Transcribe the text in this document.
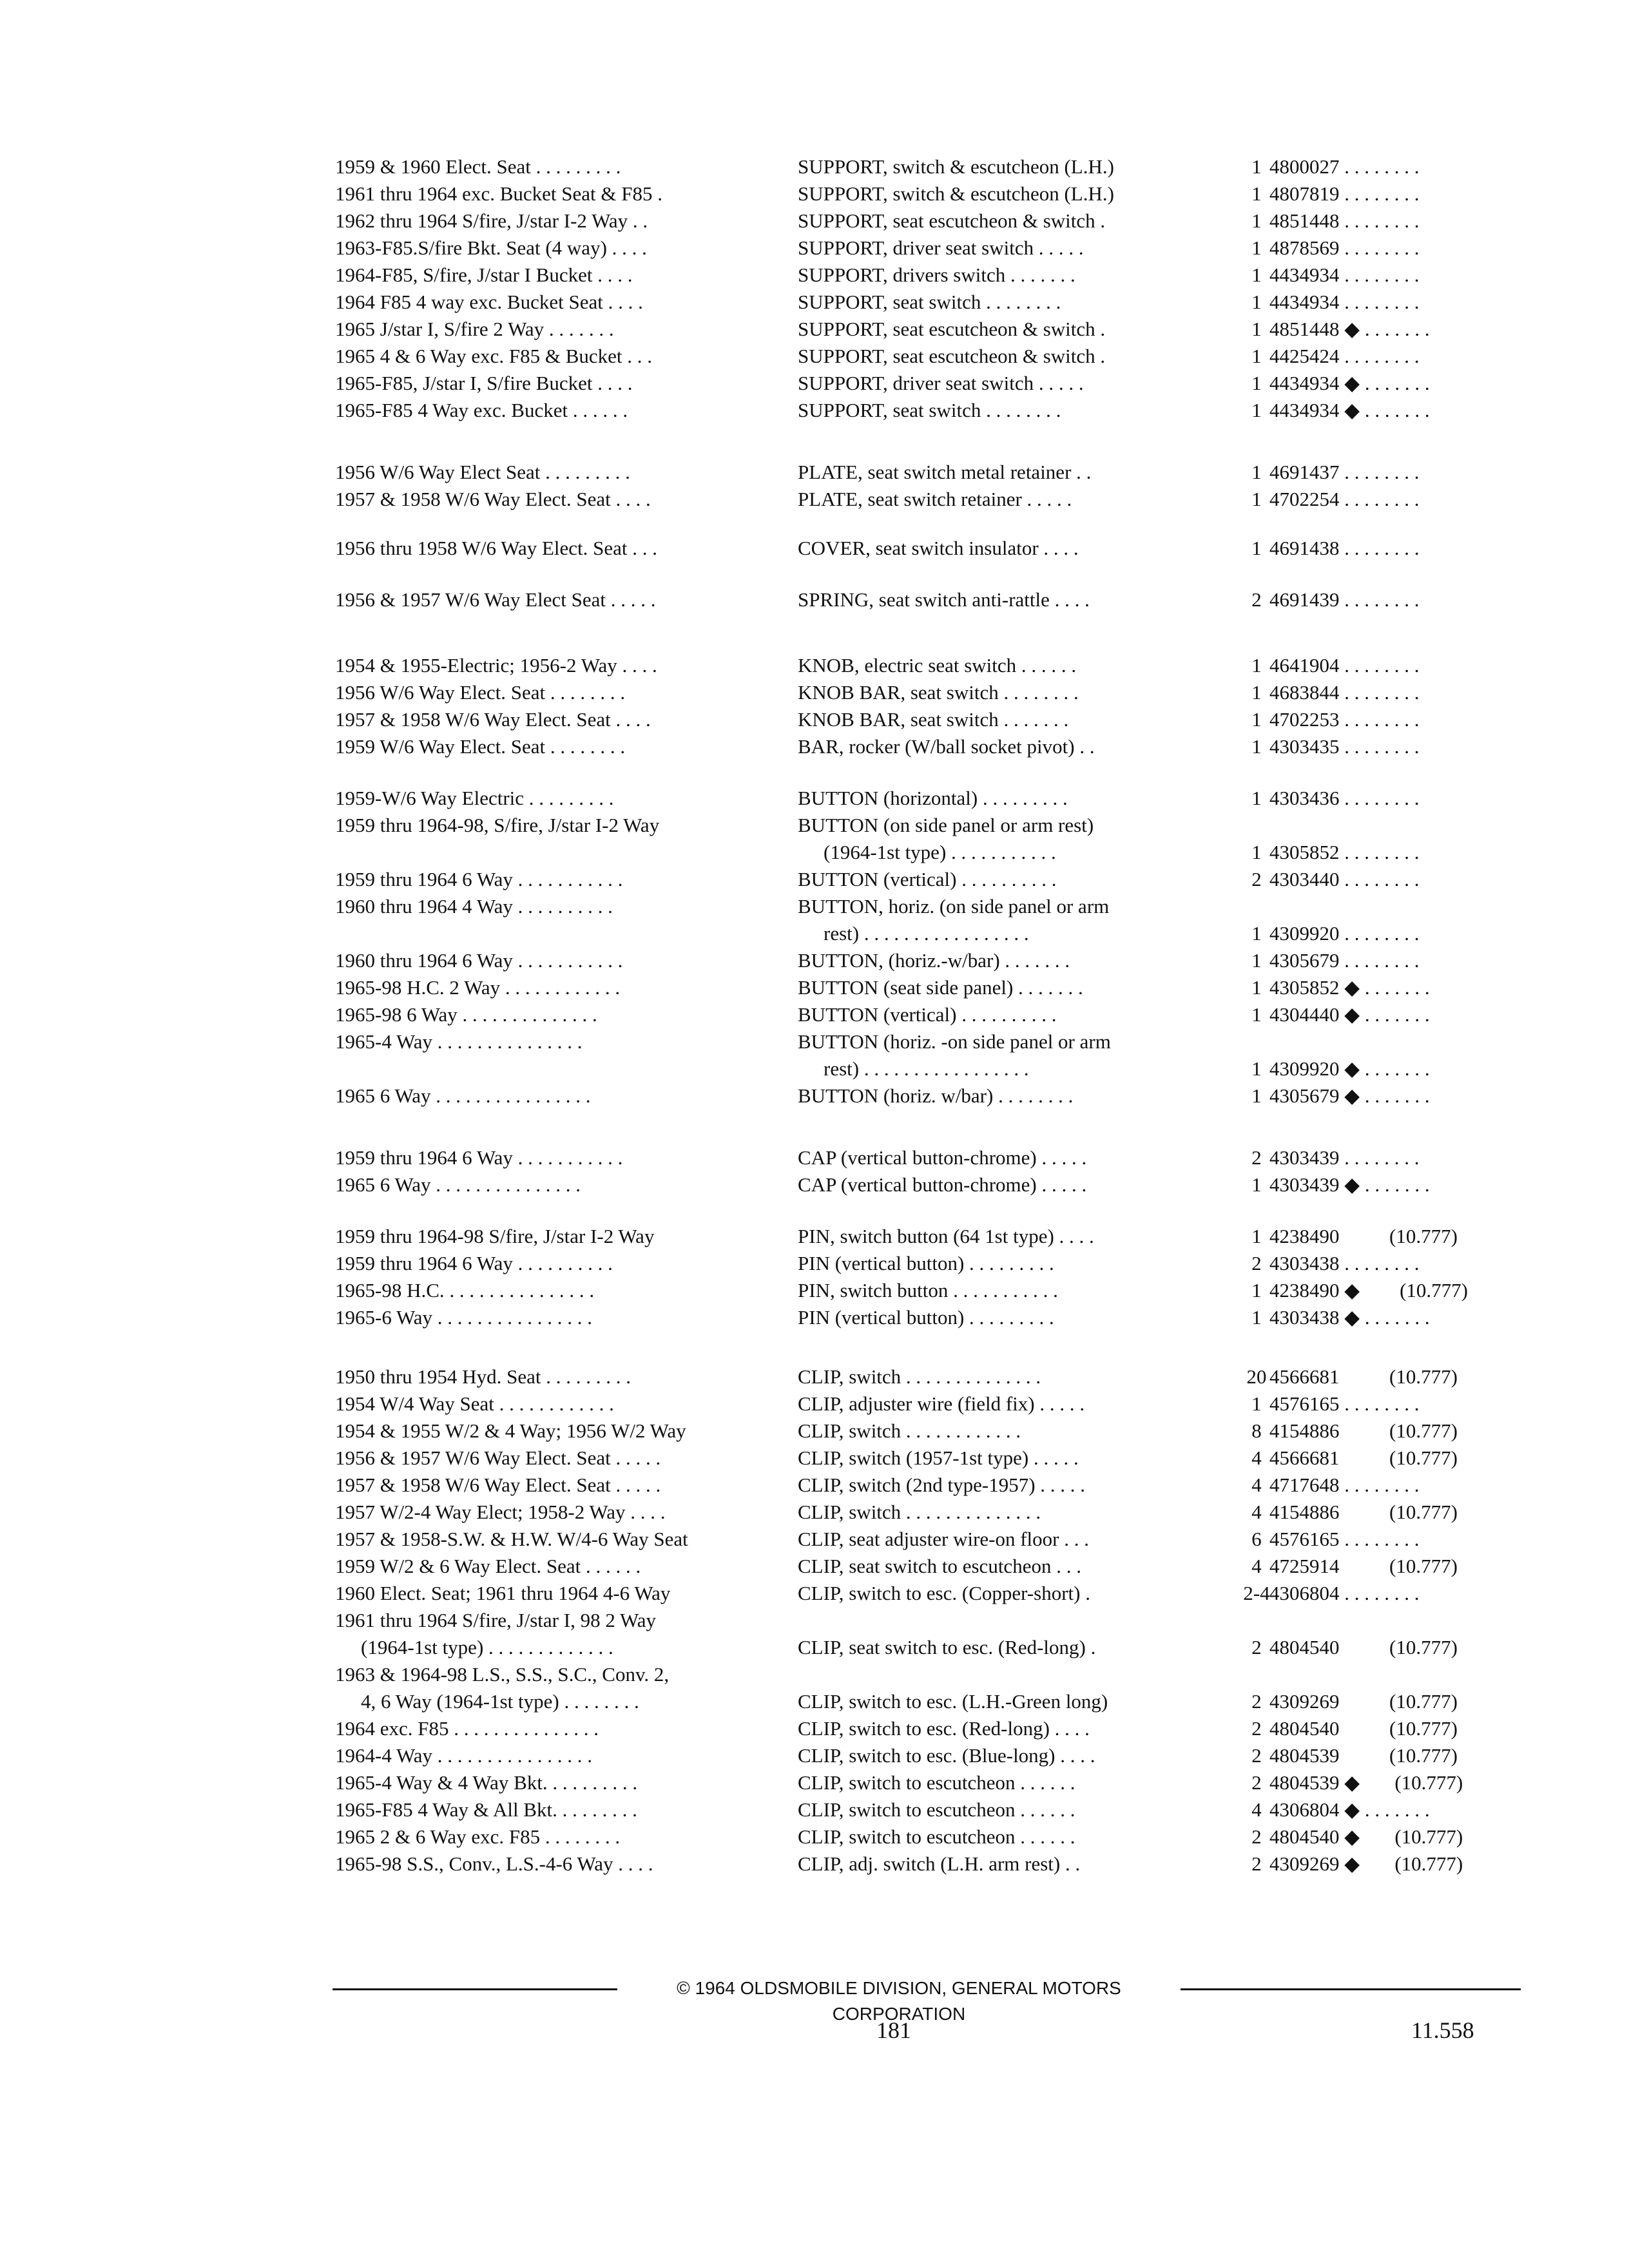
1959 & 1960 Elect. Seat . . . . . . . . .	SUPPORT, switch & escutcheon (L.H.)	1 4800027 . . . . . . . .
1961 thru 1964 exc. Bucket Seat & F85 .	SUPPORT, switch & escutcheon (L.H.)	1 4807819 . . . . . . . .
1962 thru 1964 S/fire, J/star I-2 Way . .	SUPPORT, seat escutcheon & switch .	1 4851448 . . . . . . . .
1963-F85.S/fire Bkt. Seat (4 way) . . . .	SUPPORT, driver seat switch . . . . .	1 4878569 . . . . . . . .
1964-F85, S/fire, J/star I Bucket . . . .	SUPPORT, drivers switch . . . . . . .	1 4434934 . . . . . . . .
1964 F85 4 way exc. Bucket Seat . . . .	SUPPORT, seat switch . . . . . . . .	1 4434934 . . . . . . . .
1965 J/star I, S/fire 2 Way . . . . . . .	SUPPORT, seat escutcheon & switch .	1 4851448 ◆ . . . . . . .
1965 4 & 6 Way exc. F85 & Bucket . . .	SUPPORT, seat escutcheon & switch .	1 4425424 . . . . . . . .
1965-F85, J/star I, S/fire Bucket . . . .	SUPPORT, driver seat switch . . . . .	1 4434934 ◆ . . . . . . .
1965-F85 4 Way exc. Bucket . . . . . .	SUPPORT, seat switch . . . . . . . .	1 4434934 ◆ . . . . . . .
1956 W/6 Way Elect Seat . . . . . . . . .	PLATE, seat switch metal retainer . .	1 4691437 . . . . . . . .
1957 & 1958 W/6 Way Elect. Seat . . . .	PLATE, seat switch retainer . . . . .	1 4702254 . . . . . . . .
1956 thru 1958 W/6 Way Elect. Seat . . .	COVER, seat switch insulator . . . .	1 4691438 . . . . . . . .
1956 & 1957 W/6 Way Elect Seat . . . . .	SPRING, seat switch anti-rattle . . . .	2 4691439 . . . . . . . .
1954 & 1955-Electric; 1956-2 Way . . . .	KNOB, electric seat switch . . . . . .	1 4641904 . . . . . . . .
1956 W/6 Way Elect. Seat . . . . . . . .	KNOB BAR, seat switch . . . . . . . .	1 4683844 . . . . . . . .
1957 & 1958 W/6 Way Elect. Seat . . . .	KNOB BAR, seat switch . . . . . . .	1 4702253 . . . . . . . .
1959 W/6 Way Elect. Seat . . . . . . . .	BAR, rocker (W/ball socket pivot) . .	1 4303435 . . . . . . . .
1959-W/6 Way Electric . . . . . . . . .	BUTTON (horizontal) . . . . . . . . .	1 4303436 . . . . . . . .
1959 thru 1964-98, S/fire, J/star I-2 Way	BUTTON (on side panel or arm rest)
(1964-1st type) . . . . . . . . . . .	1 4305852 . . . . . . . .
1959 thru 1964 6 Way . . . . . . . . . . .	BUTTON (vertical) . . . . . . . . . .	2 4303440 . . . . . . . .
1960 thru 1964 4 Way . . . . . . . . . .	BUTTON, horiz. (on side panel or arm
rest) . . . . . . . . . . . . . . . . .	1 4309920 . . . . . . . .
1960 thru 1964 6 Way . . . . . . . . . . .	BUTTON, (horiz.-w/bar) . . . . . . .	1 4305679 . . . . . . . .
1965-98 H.C. 2 Way . . . . . . . . . . . .	BUTTON (seat side panel) . . . . . . .	1 4305852 ◆ . . . . . . .
1965-98 6 Way . . . . . . . . . . . . . .	BUTTON (vertical) . . . . . . . . . .	1 4304440 ◆ . . . . . . .
1965-4 Way . . . . . . . . . . . . . . .	BUTTON (horiz. -on side panel or arm
rest) . . . . . . . . . . . . . . . . .	1 4309920 ◆ . . . . . . .
1965 6 Way . . . . . . . . . . . . . . . .	BUTTON (horiz. w/bar) . . . . . . . .	1 4305679 ◆ . . . . . . .
1959 thru 1964 6 Way . . . . . . . . . . .	CAP (vertical button-chrome) . . . . .	2 4303439 . . . . . . . .
1965 6 Way . . . . . . . . . . . . . . .	CAP (vertical button-chrome) . . . . .	1 4303439 ◆ . . . . . . .
1959 thru 1964-98 S/fire, J/star I-2 Way	PIN, switch button (64 1st type) . . . .	1 4238490          (10.777)
1959 thru 1964 6 Way . . . . . . . . . .	PIN (vertical button) . . . . . . . . .	2 4303438 . . . . . . . .
1965-98 H.C. . . . . . . . . . . . . . . .	PIN, switch button . . . . . . . . . . .	1 4238490 ◆        (10.777)
1965-6 Way . . . . . . . . . . . . . . . .	PIN (vertical button) . . . . . . . . .	1 4303438 ◆ . . . . . . .
1950 thru 1954 Hyd. Seat . . . . . . . . .	CLIP, switch . . . . . . . . . . . . . .	20 4566681          (10.777)
1954 W/4 Way Seat . . . . . . . . . . . .	CLIP, adjuster wire (field fix) . . . . .	1 4576165 . . . . . . . .
1954 & 1955 W/2 & 4 Way; 1956 W/2 Way	CLIP, switch . . . . . . . . . . . .	8 4154886          (10.777)
1956 & 1957 W/6 Way Elect. Seat . . . . .	CLIP, switch (1957-1st type) . . . . .	4 4566681          (10.777)
1957 & 1958 W/6 Way Elect. Seat . . . . .	CLIP, switch (2nd type-1957) . . . . .	4 4717648 . . . . . . . .
1957 W/2-4 Way Elect; 1958-2 Way . . . .	CLIP, switch . . . . . . . . . . . . . .	4 4154886          (10.777)
1957 & 1958-S.W. & H.W. W/4-6 Way Seat	CLIP, seat adjuster wire-on floor . . .	6 4576165 . . . . . . . .
1959 W/2 & 6 Way Elect. Seat . . . . . .	CLIP, seat switch to escutcheon . . .	4 4725914          (10.777)
1960 Elect. Seat; 1961 thru 1964 4-6 Way	CLIP, switch to esc. (Copper-short) .	2-4 4306804 . . . . . . . .
1961 thru 1964 S/fire, J/star I, 98 2 Way
(1964-1st type) . . . . . . . . . . . . .	CLIP, seat switch to esc. (Red-long) .	2 4804540          (10.777)
1963 & 1964-98 L.S., S.S., S.C., Conv. 2,
4, 6 Way (1964-1st type) . . . . . . . .	CLIP, switch to esc. (L.H.-Green long)	2 4309269          (10.777)
1964 exc. F85 . . . . . . . . . . . . . . .	CLIP, switch to esc. (Red-long) . . . .	2 4804540          (10.777)
1964-4 Way . . . . . . . . . . . . . . . .	CLIP, switch to esc. (Blue-long) . . . .	2 4804539          (10.777)
1965-4 Way & 4 Way Bkt. . . . . . . . . .	CLIP, switch to escutcheon . . . . . .	2 4804539 ◆       (10.777)
1965-F85 4 Way & All Bkt. . . . . . . . .	CLIP, switch to escutcheon . . . . . .	4 4306804 ◆ . . . . . . .
1965 2 & 6 Way exc. F85 . . . . . . . .	CLIP, switch to escutcheon . . . . . .	2 4804540 ◆       (10.777)
1965-98 S.S., Conv., L.S.-4-6 Way . . . .	CLIP, adj. switch (L.H. arm rest) . .	2 4309269 ◆       (10.777)
© 1964 OLDSMOBILE DIVISION, GENERAL MOTORS CORPORATION
181	11.558
